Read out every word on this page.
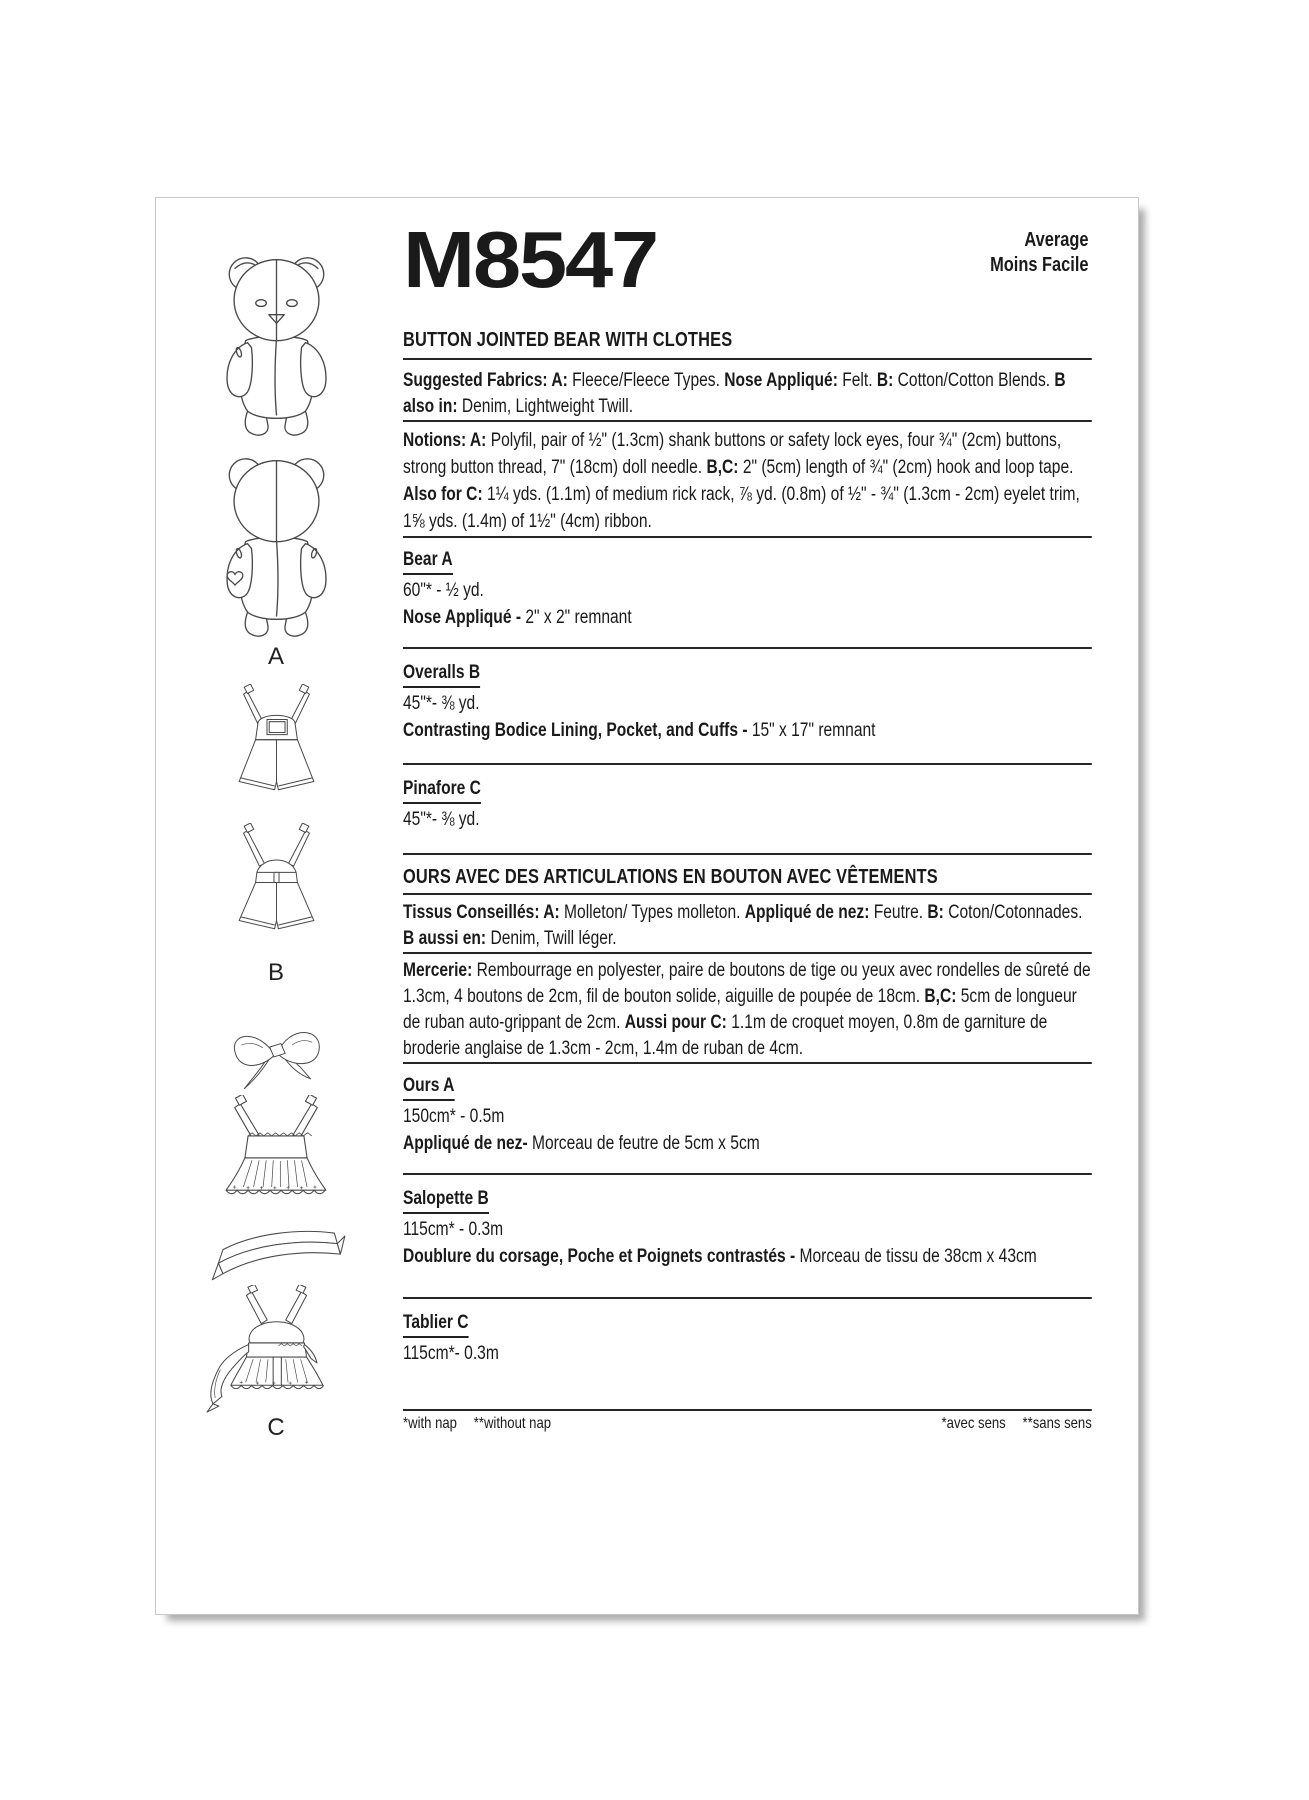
A
B
C
M8547	Average
Moins Facile
BUTTON JOINTED BEAR WITH CLOTHES

Suggested Fabrics: A: Fleece/Fleece Types. Nose Appliqué: Felt. B: Cotton/Cotton Blends. B also in: Denim, Lightweight Twill.

Notions: A: Polyfil, pair of ½" (1.3cm) shank buttons or safety lock eyes, four ¾" (2cm) buttons, strong button thread, 7" (18cm) doll needle. B,C: 2" (5cm) length of ¾" (2cm) hook and loop tape. Also for C: 1¼ yds. (1.1m) of medium rick rack, ⅞ yd. (0.8m) of ½" - ¾" (1.3cm - 2cm) eyelet trim, 1⅝ yds. (1.4m) of 1½" (4cm) ribbon.

Bear A

60"* - ½ yd.

Nose Appliqué - 2" x 2" remnant

Overalls B

45"*- ⅜ yd.

Contrasting Bodice Lining, Pocket, and Cuffs - 15" x 17" remnant

Pinafore C

45"*- ⅜ yd.

OURS AVEC DES ARTICULATIONS EN BOUTON AVEC VÊTEMENTS

Tissus Conseillés: A: Molleton/ Types molleton. Appliqué de nez: Feutre. B: Coton/Cotonnades. B aussi en: Denim, Twill léger.

Mercerie: Rembourrage en polyester, paire de boutons de tige ou yeux avec rondelles de sûreté de 1.3cm, 4 boutons de 2cm, fil de bouton solide, aiguille de poupée de 18cm. B,C: 5cm de longueur de ruban auto-grippant de 2cm. Aussi pour C: 1.1m de croquet moyen, 0.8m de garniture de broderie anglaise de 1.3cm - 2cm, 1.4m de ruban de 4cm.

Ours A

150cm* - 0.5m

Appliqué de nez- Morceau de feutre de 5cm x 5cm

Salopette B

115cm* - 0.3m

Doublure du corsage, Poche et Poignets contrastés - Morceau de tissu de 38cm x 43cm

Tablier C

115cm*- 0.3m

*with nap **without nap	*avec sens **sans sens
